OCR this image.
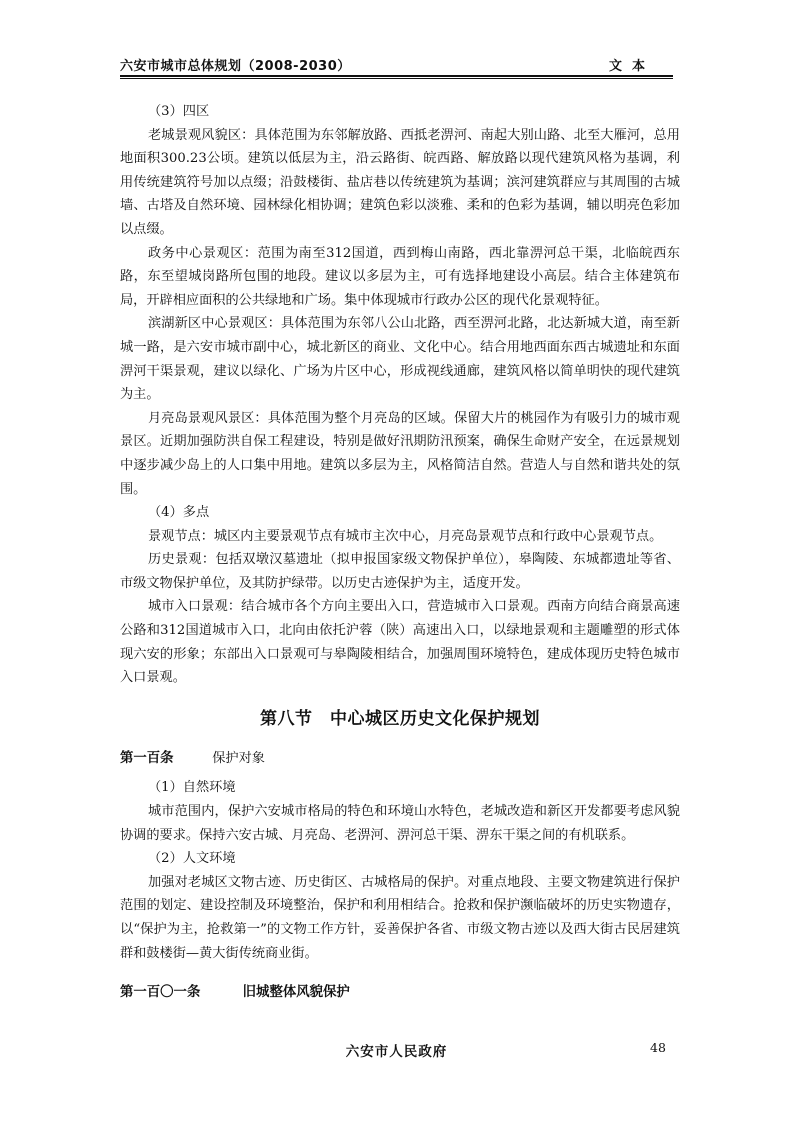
六安市城市总体规划（2008-2030）	文本

（3）四区

老城景观风貌区：具体范围为东邻解放路、西抵老淠河、南起大别山路、北至大雁河，总用地面积300.23公顷。建筑以低层为主，沿云路街、皖西路、解放路以现代建筑风格为基调，利用传统建筑符号加以点缀；沿鼓楼街、盐店巷以传统建筑为基调；滨河建筑群应与其周围的古城墙、古塔及自然环境、园林绿化相协调；建筑色彩以淡雅、柔和的色彩为基调，辅以明亮色彩加以点缀。

政务中心景观区：范围为南至312国道，西到梅山南路，西北靠淠河总干渠，北临皖西东路，东至望城岗路所包围的地段。建议以多层为主，可有选择地建设小高层。结合主体建筑布局，开辟相应面积的公共绿地和广场。集中体现城市行政办公区的现代化景观特征。

滨湖新区中心景观区：具体范围为东邻八公山北路，西至淠河北路，北达新城大道，南至新城一路，是六安市城市副中心，城北新区的商业、文化中心。结合用地西面东西古城遗址和东面淠河干渠景观，建议以绿化、广场为片区中心，形成视线通廊，建筑风格以简单明快的现代建筑为主。

月亮岛景观风景区：具体范围为整个月亮岛的区域。保留大片的桃园作为有吸引力的城市观景区。近期加强防洪自保工程建设，特别是做好汛期防汛预案，确保生命财产安全，在远景规划中逐步减少岛上的人口集中用地。建筑以多层为主，风格简洁自然。营造人与自然和谐共处的氛围。

（4）多点

景观节点：城区内主要景观节点有城市主次中心，月亮岛景观节点和行政中心景观节点。

历史景观：包括双墩汉墓遗址（拟申报国家级文物保护单位），皋陶陵、东城都遗址等省、市级文物保护单位，及其防护绿带。以历史古迹保护为主，适度开发。

城市入口景观：结合城市各个方向主要出入口，营造城市入口景观。西南方向结合商景高速公路和312国道城市入口，北向由依托沪蓉（陕）高速出入口，以绿地景观和主题雕塑的形式体现六安的形象；东部出入口景观可与皋陶陵相结合，加强周围环境特色，建成体现历史特色城市入口景观。

第八节　中心城区历史文化保护规划
第一百条	保护对象

（1）自然环境

城市范围内，保护六安城市格局的特色和环境山水特色，老城改造和新区开发都要考虑风貌协调的要求。保持六安古城、月亮岛、老淠河、淠河总干渠、淠东干渠之间的有机联系。

（2）人文环境

加强对老城区文物古迹、历史街区、古城格局的保护。对重点地段、主要文物建筑进行保护范围的划定、建设控制及环境整治，保护和利用相结合。抢救和保护濒临破坏的历史实物遗存，以“保护为主，抢救第一”的文物工作方针，妥善保护各省、市级文物古迹以及西大街古民居建筑群和鼓楼街—黄大街传统商业街。

第一百〇一条	旧城整体风貌保护
六安市人民政府	48
